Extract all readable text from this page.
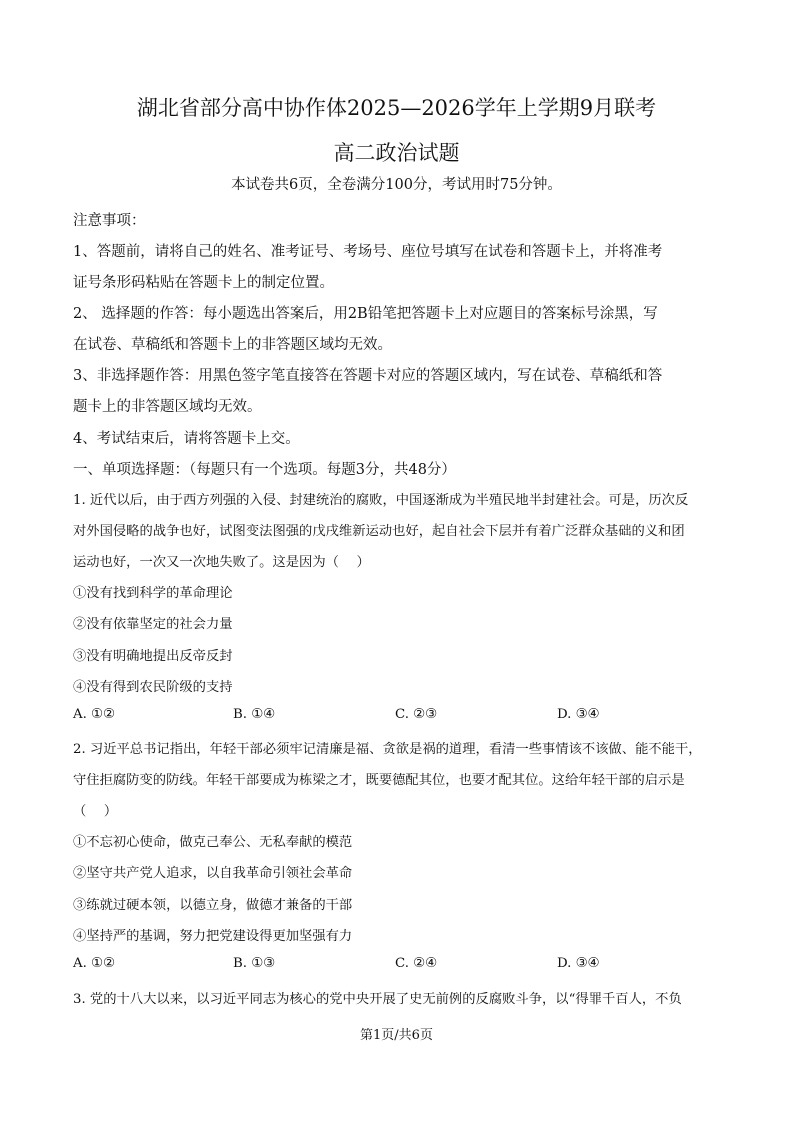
湖北省部分高中协作体2025—2026学年上学期9月联考
高二政治试题
本试卷共6页，全卷满分100分，考试用时75分钟。
注意事项：
1、答题前，请将自己的姓名、准考证号、考场号、座位号填写在试卷和答题卡上，并将准考
证号条形码粘贴在答题卡上的制定位置。
2、 选择题的作答：每小题选出答案后，用2B铅笔把答题卡上对应题目的答案标号涂黑，写
在试卷、草稿纸和答题卡上的非答题区域均无效。
3、非选择题作答：用黑色签字笔直接答在答题卡对应的答题区域内，写在试卷、草稿纸和答
题卡上的非答题区域均无效。
4、考试结束后，请将答题卡上交。
一、单项选择题：（每题只有一个选项。每题3分，共48分）
1. 近代以后，由于西方列强的入侵、封建统治的腐败，中国逐渐成为半殖民地半封建社会。可是，历次反
对外国侵略的战争也好，试图变法图强的戊戌维新运动也好，起自社会下层并有着广泛群众基础的义和团
运动也好，一次又一次地失败了。这是因为（　 ）
①没有找到科学的革命理论
②没有依靠坚定的社会力量
③没有明确地提出反帝反封
④没有得到农民阶级的支持
A. ①②	B. ①④	C. ②③	D. ③④
2. 习近平总书记指出，年轻干部必须牢记清廉是福、贪欲是祸的道理，看清一些事情该不该做、能不能干，
守住拒腐防变的防线。年轻干部要成为栋梁之才，既要德配其位，也要才配其位。这给年轻干部的启示是
（　 ）
①不忘初心使命，做克己奉公、无私奉献的模范
②坚守共产党人追求，以自我革命引领社会革命
③练就过硬本领，以德立身，做德才兼备的干部
④坚持严的基调，努力把党建设得更加坚强有力
A. ①②	B. ①③	C. ②④	D. ③④
3. 党的十八大以来，以习近平同志为核心的党中央开展了史无前例的反腐败斗争，以“得罪千百人，不负
第1页/共6页
